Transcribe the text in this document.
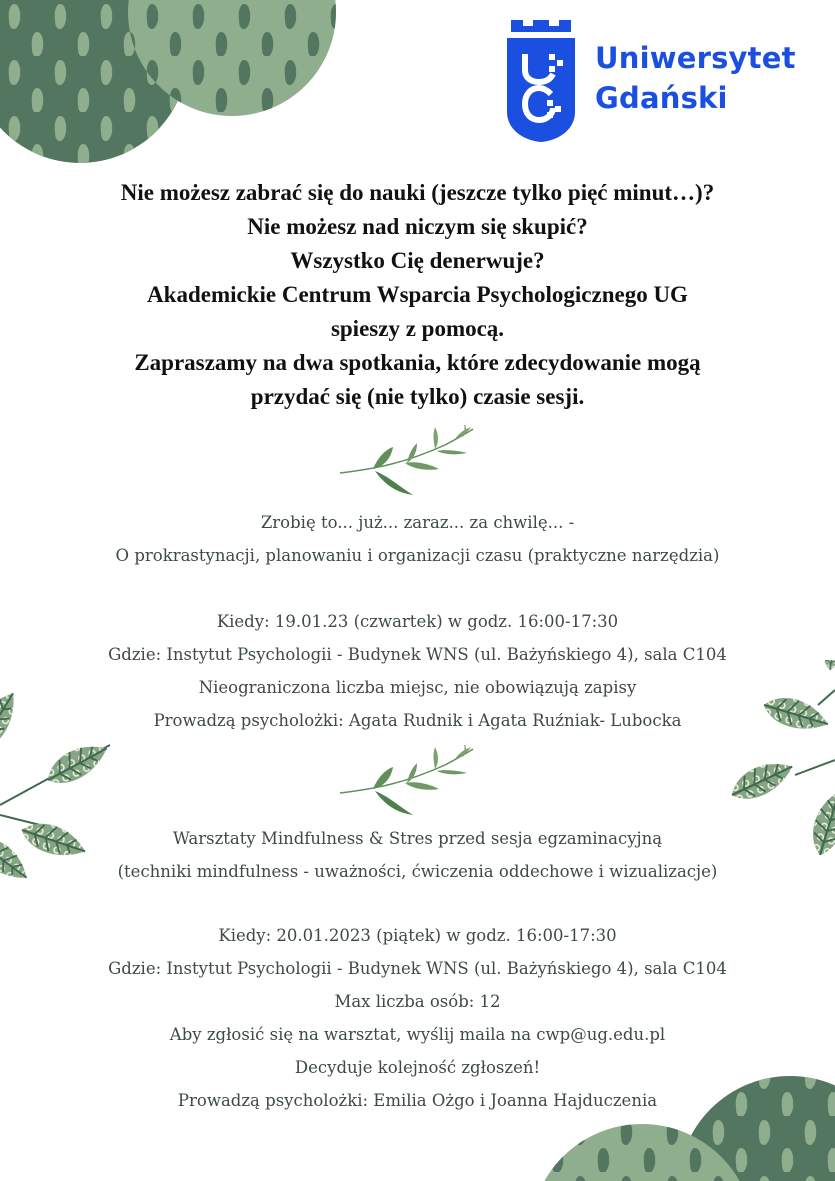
Uniwersytet
Gdański
Nie możesz zabrać się do nauki (jeszcze tylko pięć minut…)?
Nie możesz nad niczym się skupić?
Wszystko Cię denerwuje?
Akademickie Centrum Wsparcia Psychologicznego UG
spieszy z pomocą.
Zapraszamy na dwa spotkania, które zdecydowanie mogą
przydać się (nie tylko) czasie sesji.
Zrobię to... już... zaraz... za chwilę... -
O prokrastynacji, planowaniu i organizacji czasu (praktyczne narzędzia)
Kiedy: 19.01.23 (czwartek) w godz. 16:00-17:30
Gdzie: Instytut Psychologii - Budynek WNS (ul. Bażyńskiego 4), sala C104
Nieograniczona liczba miejsc, nie obowiązują zapisy
Prowadzą psycholożki: Agata Rudnik i Agata Ruźniak- Lubocka
Warsztaty Mindfulness & Stres przed sesja egzaminacyjną
(techniki mindfulness - uważności, ćwiczenia oddechowe i wizualizacje)
Kiedy: 20.01.2023 (piątek) w godz. 16:00-17:30
Gdzie: Instytut Psychologii - Budynek WNS (ul. Bażyńskiego 4), sala C104
Max liczba osób: 12
Aby zgłosić się na warsztat, wyślij maila na cwp@ug.edu.pl
Decyduje kolejność zgłoszeń!
Prowadzą psycholożki: Emilia Ożgo i Joanna Hajduczenia
